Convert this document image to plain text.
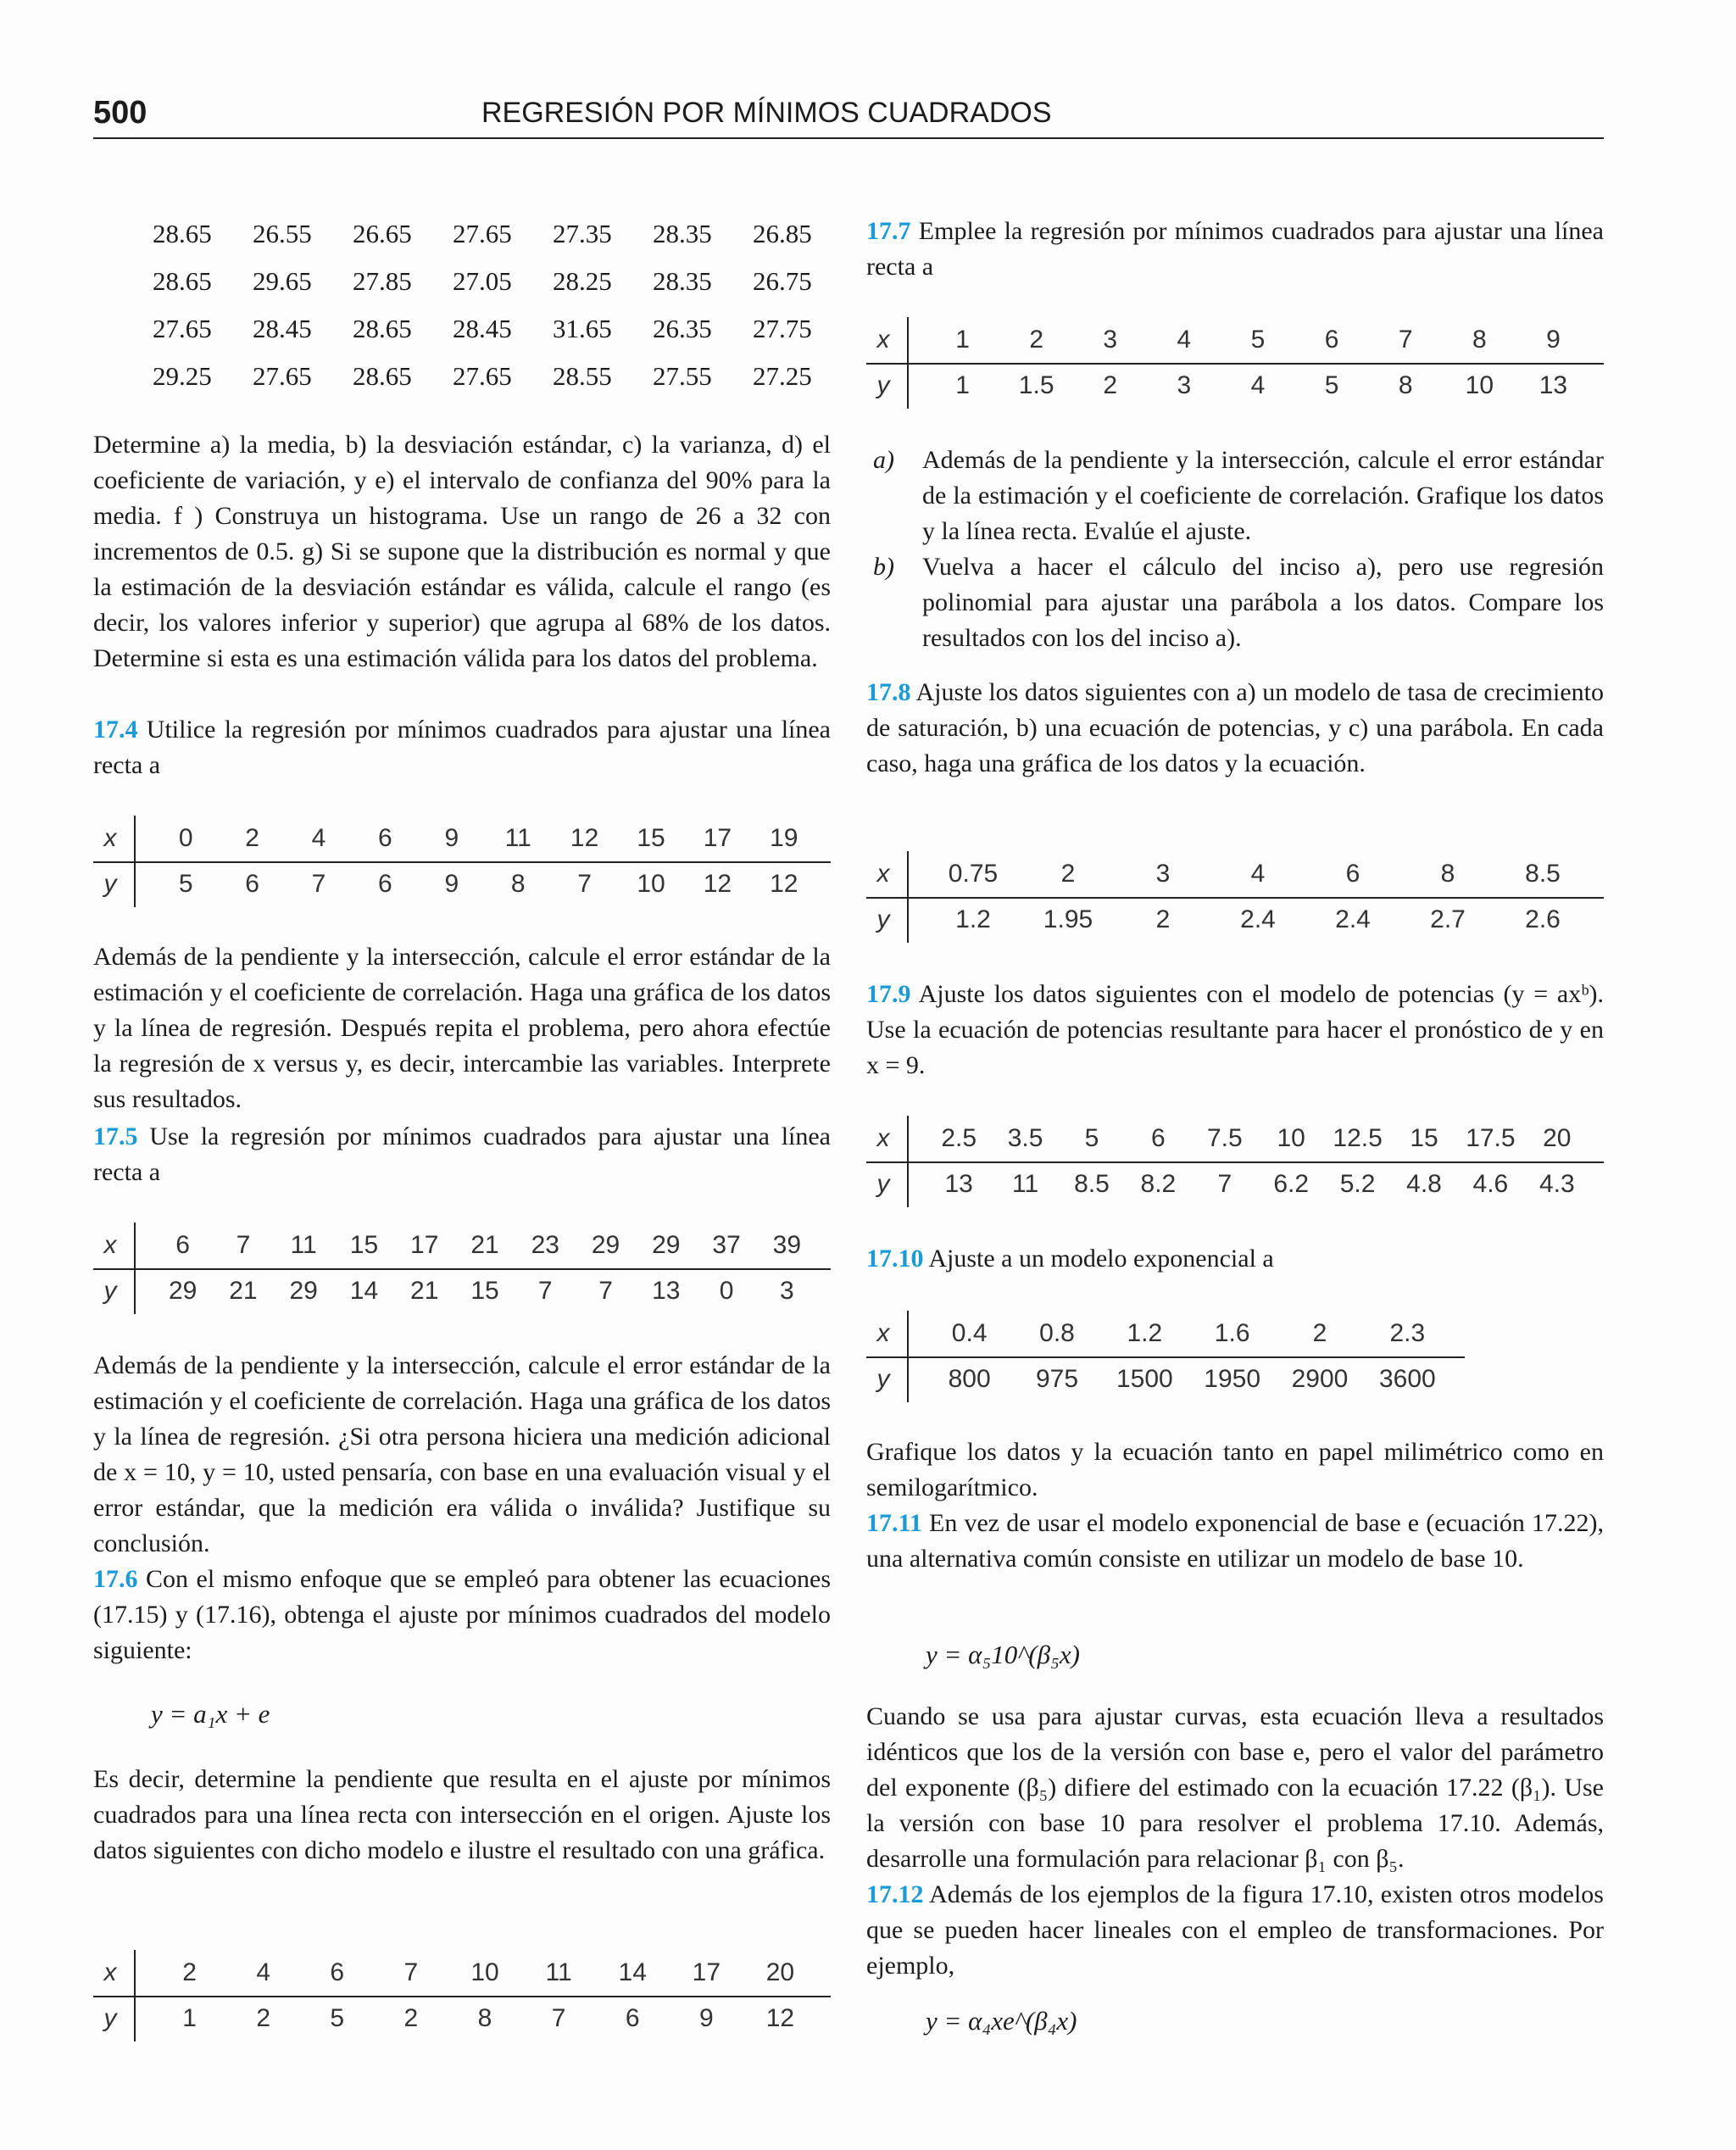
500	REGRESIÓN POR MÍNIMOS CUADRADOS
28.65	26.55	26.65	27.65	27.35	28.35	26.85
28.65	29.65	27.85	27.05	28.25	28.35	26.75
27.65	28.45	28.65	28.45	31.65	26.35	27.75
29.25	27.65	28.65	27.65	28.55	27.55	27.25

Determine a) la media, b) la desviación estándar, c) la varianza, d) el coeficiente de variación, y e) el intervalo de confianza del 90% para la media. f ) Construya un histograma. Use un rango de 26 a 32 con incrementos de 0.5. g) Si se supone que la distribución es normal y que la estimación de la desviación estándar es válida, calcule el rango (es decir, los valores inferior y superior) que agrupa al 68% de los datos. Determine si esta es una estimación válida para los datos del problema.

17.4 Utilice la regresión por mínimos cuadrados para ajustar una línea recta a

x	0	2	4	6	9	11	12	15	17	19
y	5	6	7	6	9	8	7	10	12	12

Además de la pendiente y la intersección, calcule el error estándar de la estimación y el coeficiente de correlación. Haga una gráfica de los datos y la línea de regresión. Después repita el problema, pero ahora efectúe la regresión de x versus y, es decir, intercambie las variables. Interprete sus resultados.

17.5 Use la regresión por mínimos cuadrados para ajustar una línea recta a

x	6	7	11	15	17	21	23	29	29	37	39
y	29	21	29	14	21	15	7	7	13	0	3

Además de la pendiente y la intersección, calcule el error estándar de la estimación y el coeficiente de correlación. Haga una gráfica de los datos y la línea de regresión. ¿Si otra persona hiciera una medición adicional de x = 10, y = 10, usted pensaría, con base en una evaluación visual y el error estándar, que la medición era válida o inválida? Justifique su conclusión.

17.6 Con el mismo enfoque que se empleó para obtener las ecuaciones (17.15) y (17.16), obtenga el ajuste por mínimos cuadrados del modelo siguiente:

y = a₁x + e

Es decir, determine la pendiente que resulta en el ajuste por mínimos cuadrados para una línea recta con intersección en el origen. Ajuste los datos siguientes con dicho modelo e ilustre el resultado con una gráfica.

x	2	4	6	7	10	11	14	17	20
y	1	2	5	2	8	7	6	9	12

17.7 Emplee la regresión por mínimos cuadrados para ajustar una línea recta a

x	1	2	3	4	5	6	7	8	9
y	1	1.5	2	3	4	5	8	10	13
a) Además de la pendiente y la intersección, calcule el error estándar de la estimación y el coeficiente de correlación. Grafique los datos y la línea recta. Evalúe el ajuste.
b) Vuelva a hacer el cálculo del inciso a), pero use regresión polinomial para ajustar una parábola a los datos. Compare los resultados con los del inciso a).

17.8 Ajuste los datos siguientes con a) un modelo de tasa de crecimiento de saturación, b) una ecuación de potencias, y c) una parábola. En cada caso, haga una gráfica de los datos y la ecuación.

x	0.75	2	3	4	6	8	8.5
y	1.2	1.95	2	2.4	2.4	2.7	2.6

17.9 Ajuste los datos siguientes con el modelo de potencias (y = axᵇ). Use la ecuación de potencias resultante para hacer el pronóstico de y en x = 9.

x	2.5	3.5	5	6	7.5	10	12.5	15	17.5	20
y	13	11	8.5	8.2	7	6.2	5.2	4.8	4.6	4.3

17.10 Ajuste a un modelo exponencial a

x	0.4	0.8	1.2	1.6	2	2.3
y	800	975	1500 1950 2900 3600

Grafique los datos y la ecuación tanto en papel milimétrico como en semilogarítmico.

17.11 En vez de usar el modelo exponencial de base e (ecuación 17.22), una alternativa común consiste en utilizar un modelo de base 10.

y = α₅10^(β₅x)

Cuando se usa para ajustar curvas, esta ecuación lleva a resultados idénticos que los de la versión con base e, pero el valor del parámetro del exponente (β₅) difiere del estimado con la ecuación 17.22 (β₁). Use la versión con base 10 para resolver el problema 17.10. Además, desarrolle una formulación para relacionar β₁ con β₅.

17.12 Además de los ejemplos de la figura 17.10, existen otros modelos que se pueden hacer lineales con el empleo de transformaciones. Por ejemplo,

y = α₄xe^(β₄x)
